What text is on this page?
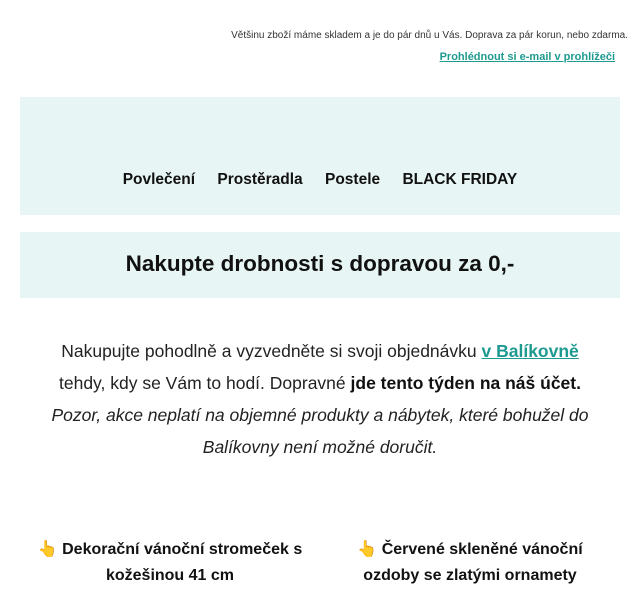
Většinu zboží máme skladem a je do pár dnů u Vás. Doprava za pár korun, nebo zdarma.
Prohlédnout si e-mail v prohlížeči
Povlečení Prostěradla Postele BLACK FRIDAY
Nakupte drobnosti s dopravou za 0,-

Nakupujte pohodlně a vyzvedněte si svoji objednávku v Balíkovně tehdy, kdy se Vám to hodí. Dopravné jde tento týden na náš účet. Pozor, akce neplatí na objemné produkty a nábytek, které bohužel do Balíkovny není možné doručit.

👆 Dekorační vánoční stromeček s kožešinou 41 cm
👆 Červené skleněné vánoční ozdoby se zlatými ornamety
